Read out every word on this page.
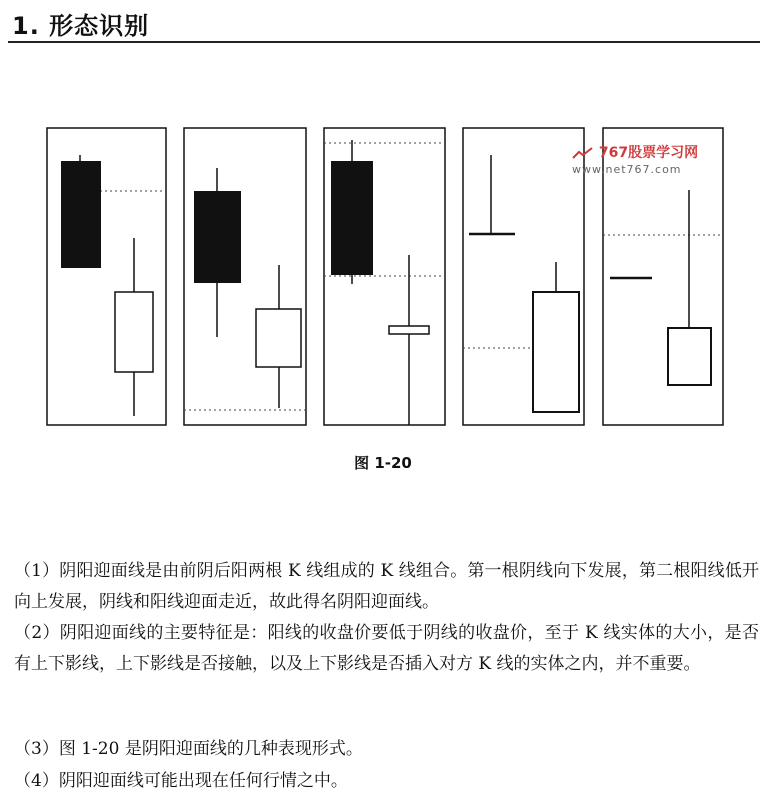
1. 形态识别
767股票学习网
www.net767.com
图 1-20
（1）阴阳迎面线是由前阴后阳两根 K 线组成的 K 线组合。第一根阴线向下发展，第二根阳线低开向上发展，阴线和阳线迎面走近，故此得名阴阳迎面线。
（2）阴阳迎面线的主要特征是：阳线的收盘价要低于阴线的收盘价，至于 K 线实体的大小，是否有上下影线，上下影线是否接触，以及上下影线是否插入对方 K 线的实体之内，并不重要。
（3）图 1-20 是阴阳迎面线的几种表现形式。
（4）阴阳迎面线可能出现在任何行情之中。
